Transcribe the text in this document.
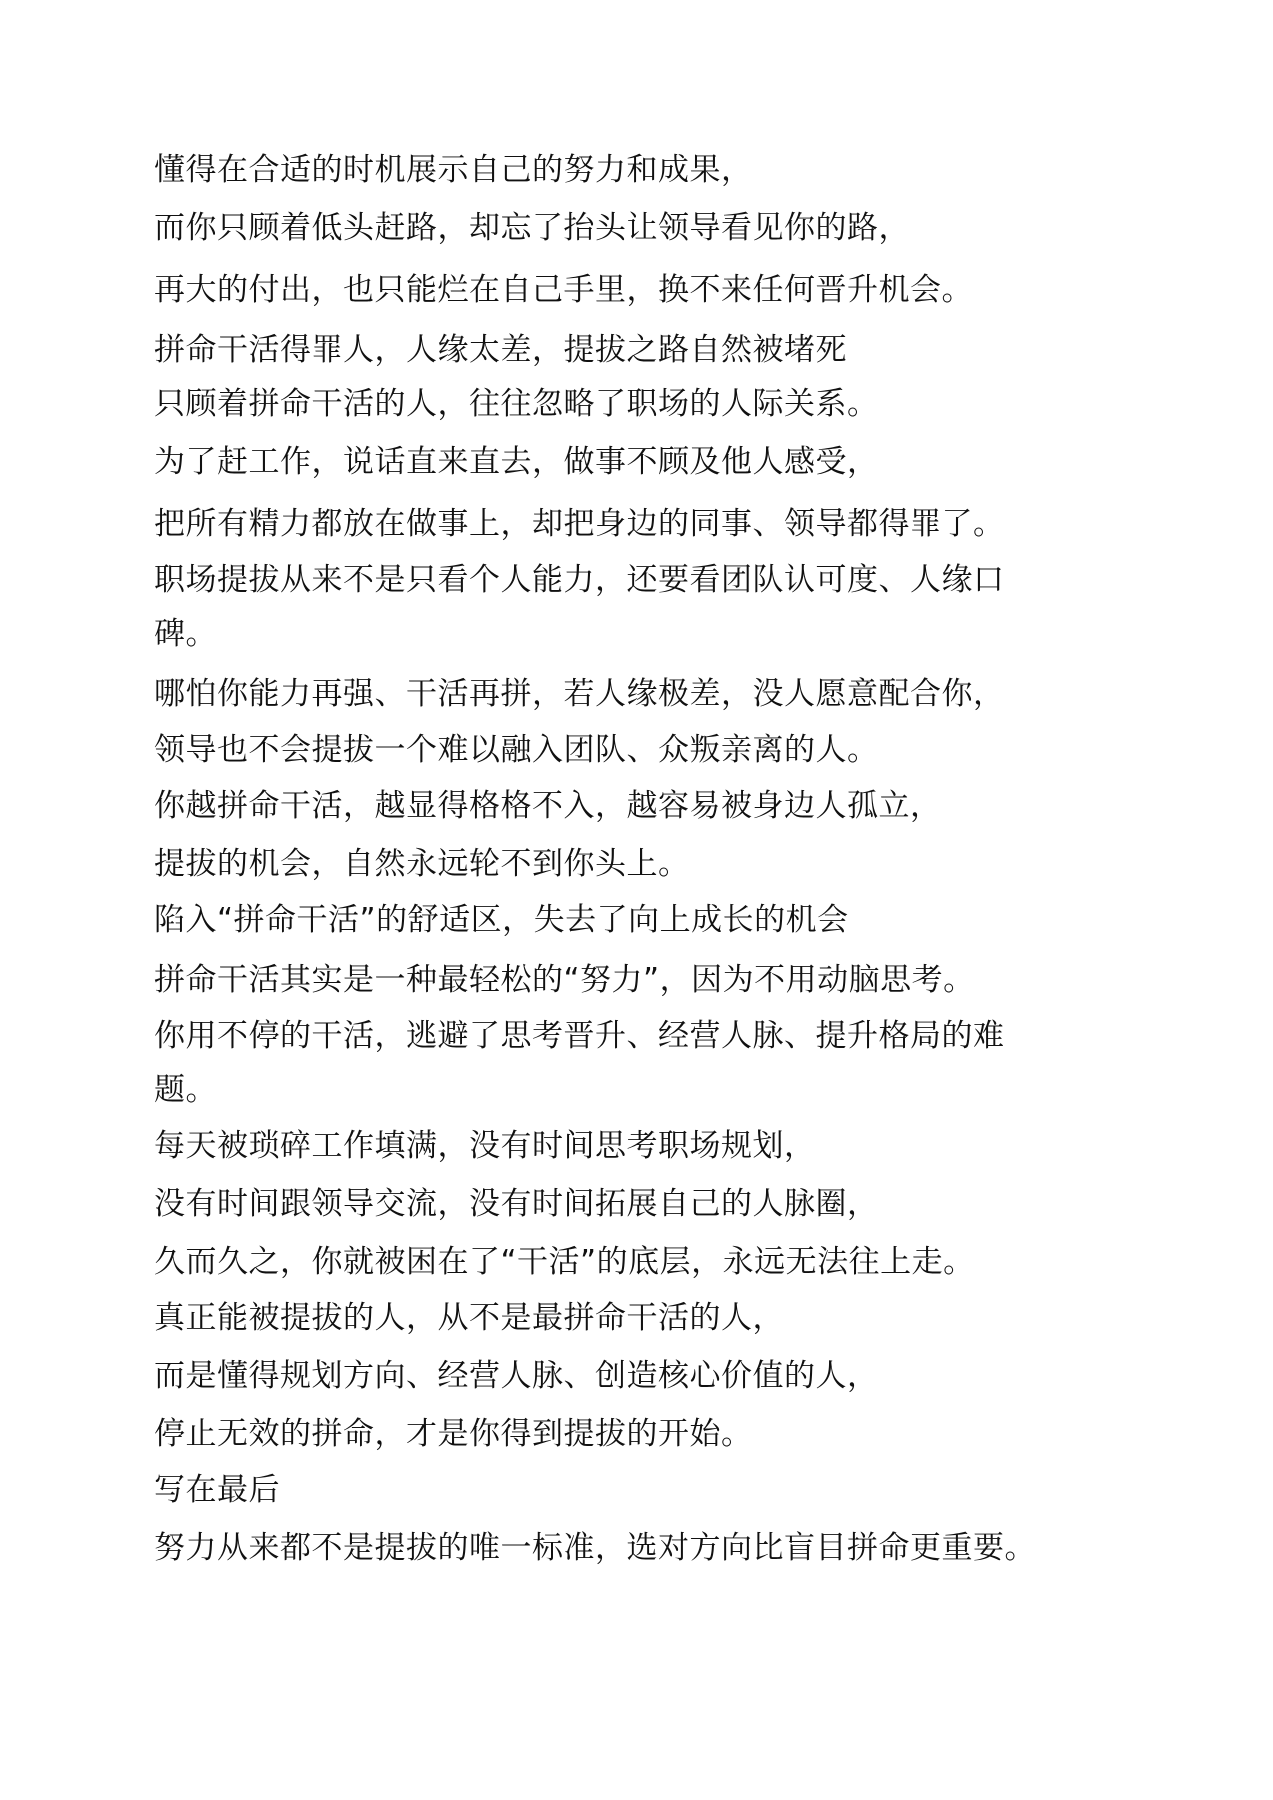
懂得在合适的时机展示自己的努力和成果，
而你只顾着低头赶路，却忘了抬头让领导看见你的路，
再大的付出，也只能烂在自己手里，换不来任何晋升机会。
拼命干活得罪人，人缘太差，提拔之路自然被堵死
只顾着拼命干活的人，往往忽略了职场的人际关系。
为了赶工作，说话直来直去，做事不顾及他人感受，
把所有精力都放在做事上，却把身边的同事、领导都得罪了。
职场提拔从来不是只看个人能力，还要看团队认可度、人缘口
碑。
哪怕你能力再强、干活再拼，若人缘极差，没人愿意配合你，
领导也不会提拔一个难以融入团队、众叛亲离的人。
你越拼命干活，越显得格格不入，越容易被身边人孤立，
提拔的机会，自然永远轮不到你头上。
陷入“拼命干活”的舒适区，失去了向上成长的机会
拼命干活其实是一种最轻松的“努力”，因为不用动脑思考。
你用不停的干活，逃避了思考晋升、经营人脉、提升格局的难
题。
每天被琐碎工作填满，没有时间思考职场规划，
没有时间跟领导交流，没有时间拓展自己的人脉圈，
久而久之，你就被困在了“干活”的底层，永远无法往上走。
真正能被提拔的人，从不是最拼命干活的人，
而是懂得规划方向、经营人脉、创造核心价值的人，
停止无效的拼命，才是你得到提拔的开始。
写在最后
努力从来都不是提拔的唯一标准，选对方向比盲目拼命更重要。
